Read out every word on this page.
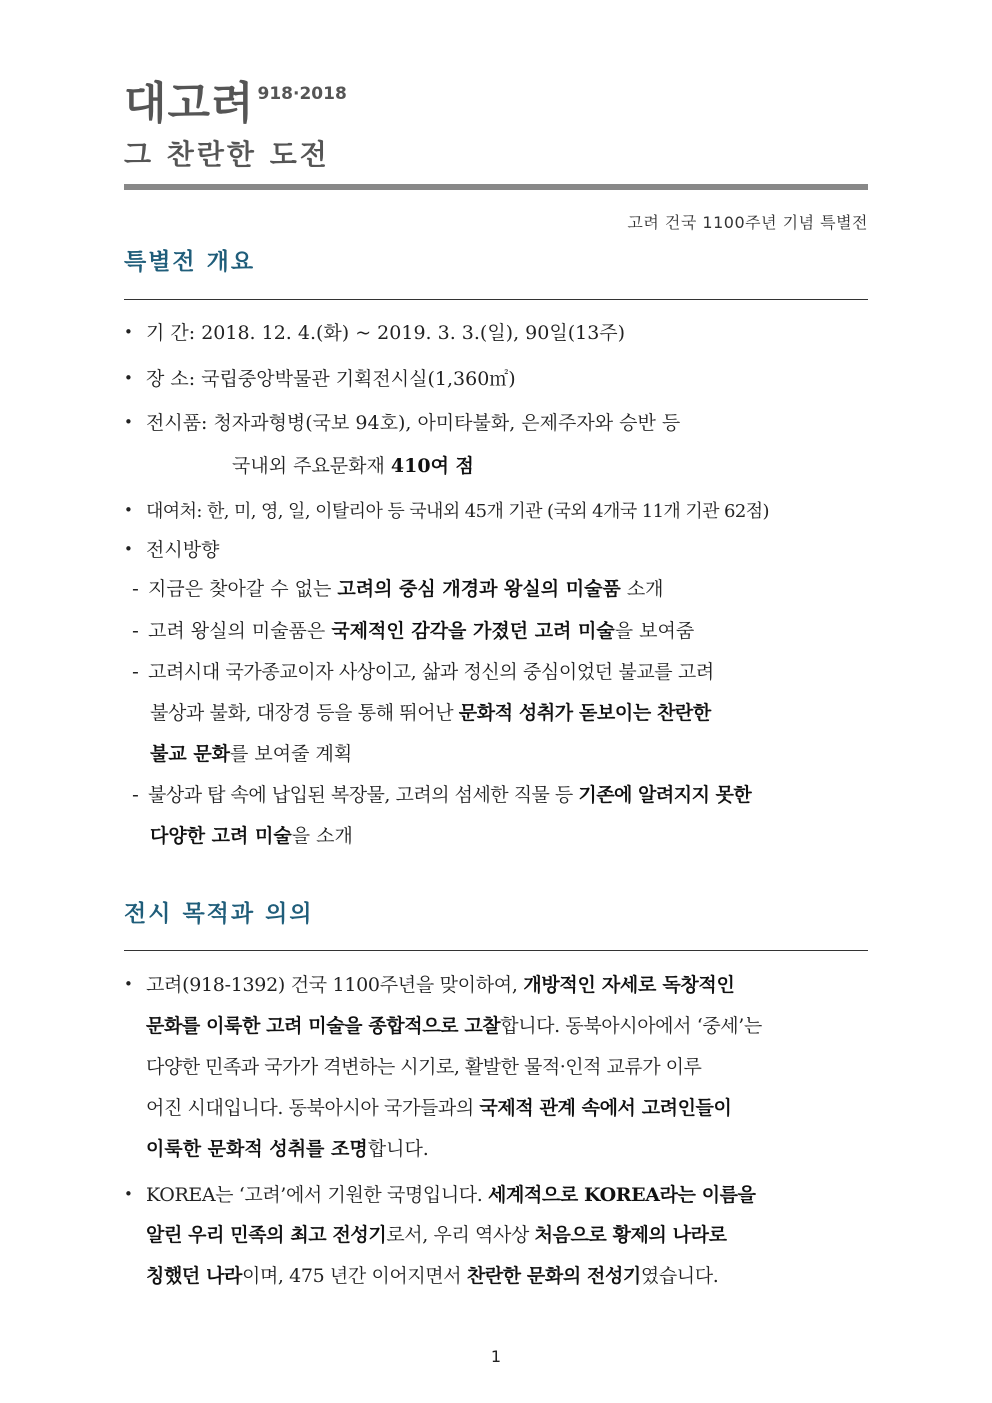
대고려 918·2018
그 찬란한 도전
고려 건국 1100주년 기념 특별전
특별전 개요
• 기 간: 2018. 12. 4.(화) ~ 2019. 3. 3.(일), 90일(13주)
• 장 소: 국립중앙박물관 기획전시실(1,360㎡)
• 전시품: 청자과형병(국보 94호), 아미타불화, 은제주자와 승반 등
국내외 주요문화재 410여 점
• 대여처: 한, 미, 영, 일, 이탈리아 등 국내외 45개 기관 (국외 4개국 11개 기관 62점)
• 전시방향
- 지금은 찾아갈 수 없는 고려의 중심 개경과 왕실의 미술품 소개
- 고려 왕실의 미술품은 국제적인 감각을 가졌던 고려 미술을 보여줌
- 고려시대 국가종교이자 사상이고, 삶과 정신의 중심이었던 불교를 고려
불상과 불화, 대장경 등을 통해 뛰어난 문화적 성취가 돋보이는 찬란한
불교 문화를 보여줄 계획
- 불상과 탑 속에 납입된 복장물, 고려의 섬세한 직물 등 기존에 알려지지 못한
다양한 고려 미술을 소개
전시 목적과 의의
• 고려(918-1392) 건국 1100주년을 맞이하여, 개방적인 자세로 독창적인
문화를 이룩한 고려 미술을 종합적으로 고찰합니다. 동북아시아에서 ‘중세’는
다양한 민족과 국가가 격변하는 시기로, 활발한 물적·인적 교류가 이루
어진 시대입니다. 동북아시아 국가들과의 국제적 관계 속에서 고려인들이
이룩한 문화적 성취를 조명합니다.
• KOREA는 ‘고려’에서 기원한 국명입니다. 세계적으로 KOREA라는 이름을
알린 우리 민족의 최고 전성기로서, 우리 역사상 처음으로 황제의 나라로
칭했던 나라이며, 475 년간 이어지면서 찬란한 문화의 전성기였습니다.
1
